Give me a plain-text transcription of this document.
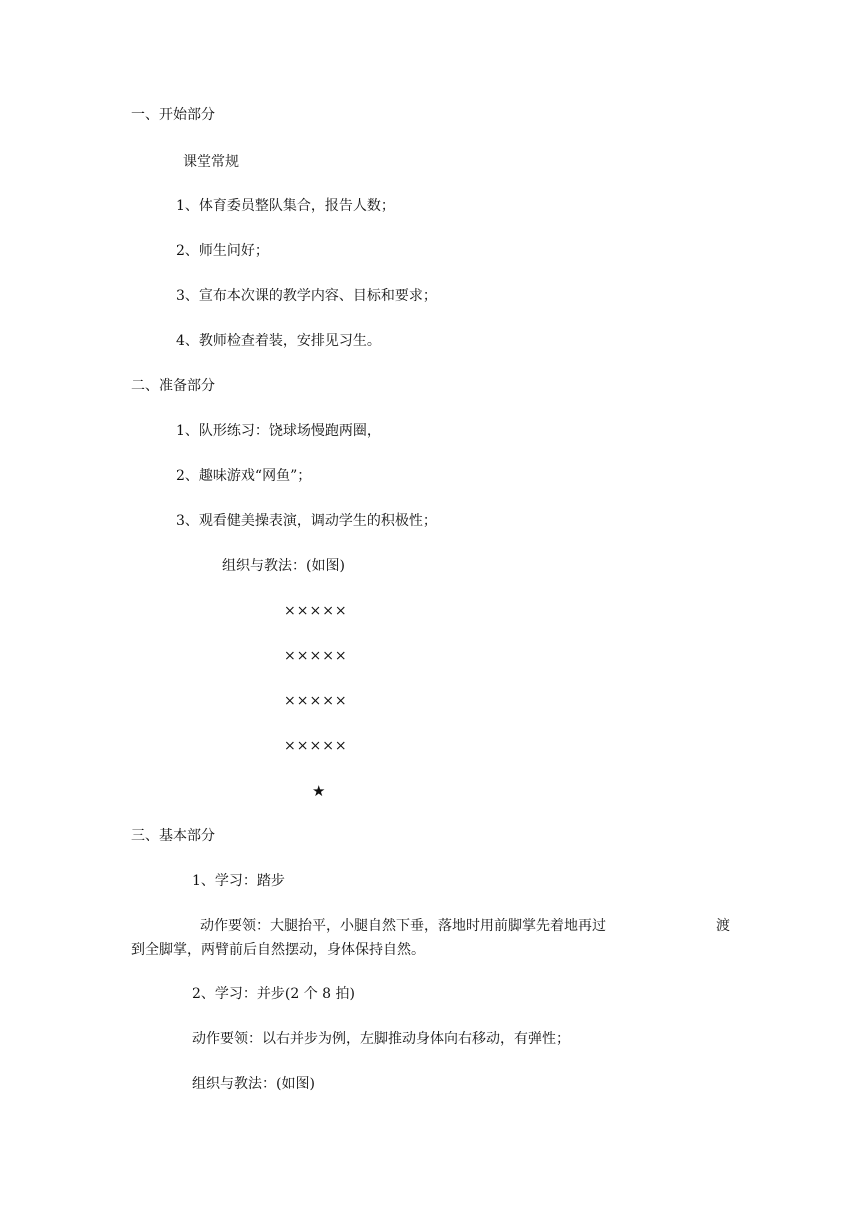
一、开始部分
课堂常规
1、体育委员整队集合，报告人数；
2、师生问好；
3、宣布本次课的教学内容、目标和要求；
4、教师检查着装，安排见习生。
二、准备部分
1、队形练习：饶球场慢跑两圈，
2、趣味游戏“网鱼”；
3、观看健美操表演，调动学生的积极性；
组织与教法：(如图)
×××××
×××××
×××××
×××××
★
三、基本部分
1、学习：踏步
动作要领：大腿抬平，小腿自然下垂，落地时用前脚掌先着地再过	渡
到全脚掌，两臂前后自然摆动，身体保持自然。
2、学习：并步(2 个 8 拍)
动作要领：以右并步为例，左脚推动身体向右移动，有弹性；
组织与教法：(如图)
